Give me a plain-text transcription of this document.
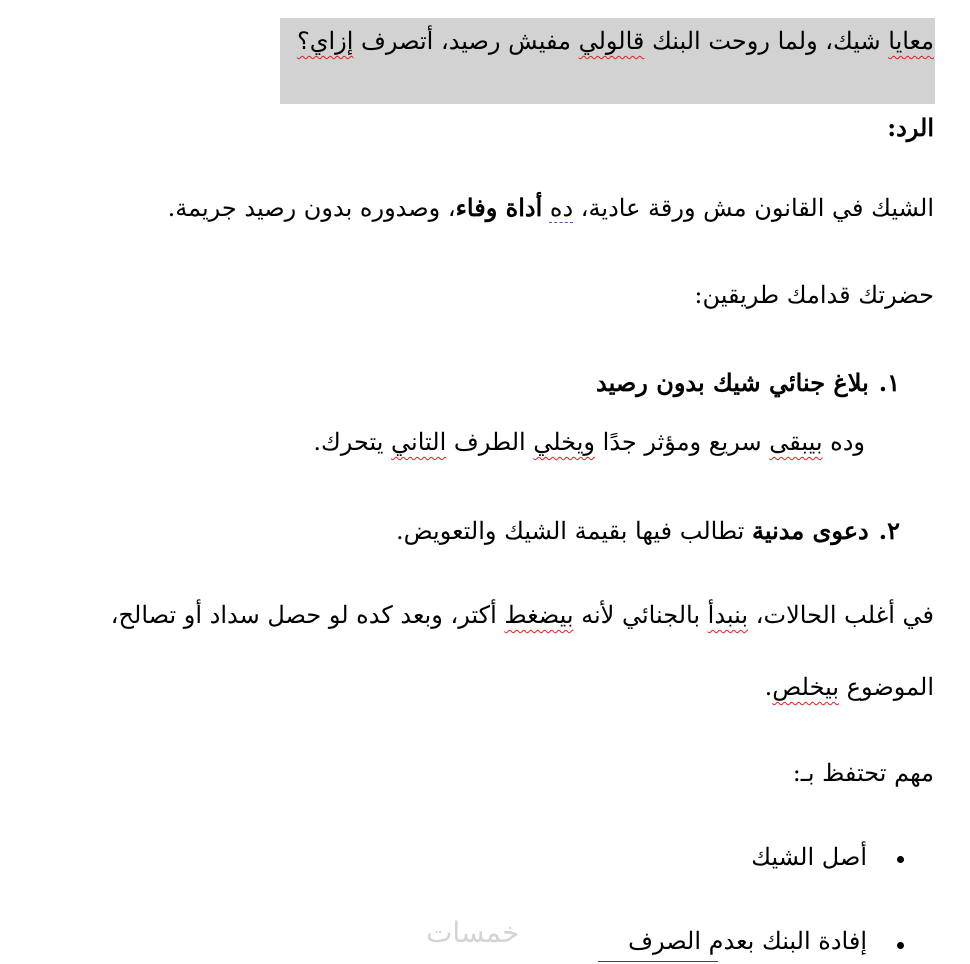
معايا شيك، ولما روحت البنك قالولي مفيش رصيد، أتصرف إزاي؟
الرد:
الشيك في القانون مش ورقة عادية، ده أداة وفاء، وصدوره بدون رصيد جريمة.
حضرتك قدامك طريقين:
١.بلاغ جنائي شيك بدون رصيد
وده بيبقى سريع ومؤثر جدًا ويخلي الطرف التاني يتحرك.
٢.دعوى مدنية تطالب فيها بقيمة الشيك والتعويض.
في أغلب الحالات، بنبدأ بالجنائي لأنه بيضغط أكتر، وبعد كده لو حصل سداد أو تصالح،
الموضوع بيخلص.
مهم تحتفظ بـ:
أصل الشيك
إفادة البنك بعدم الصرف
خمسات
